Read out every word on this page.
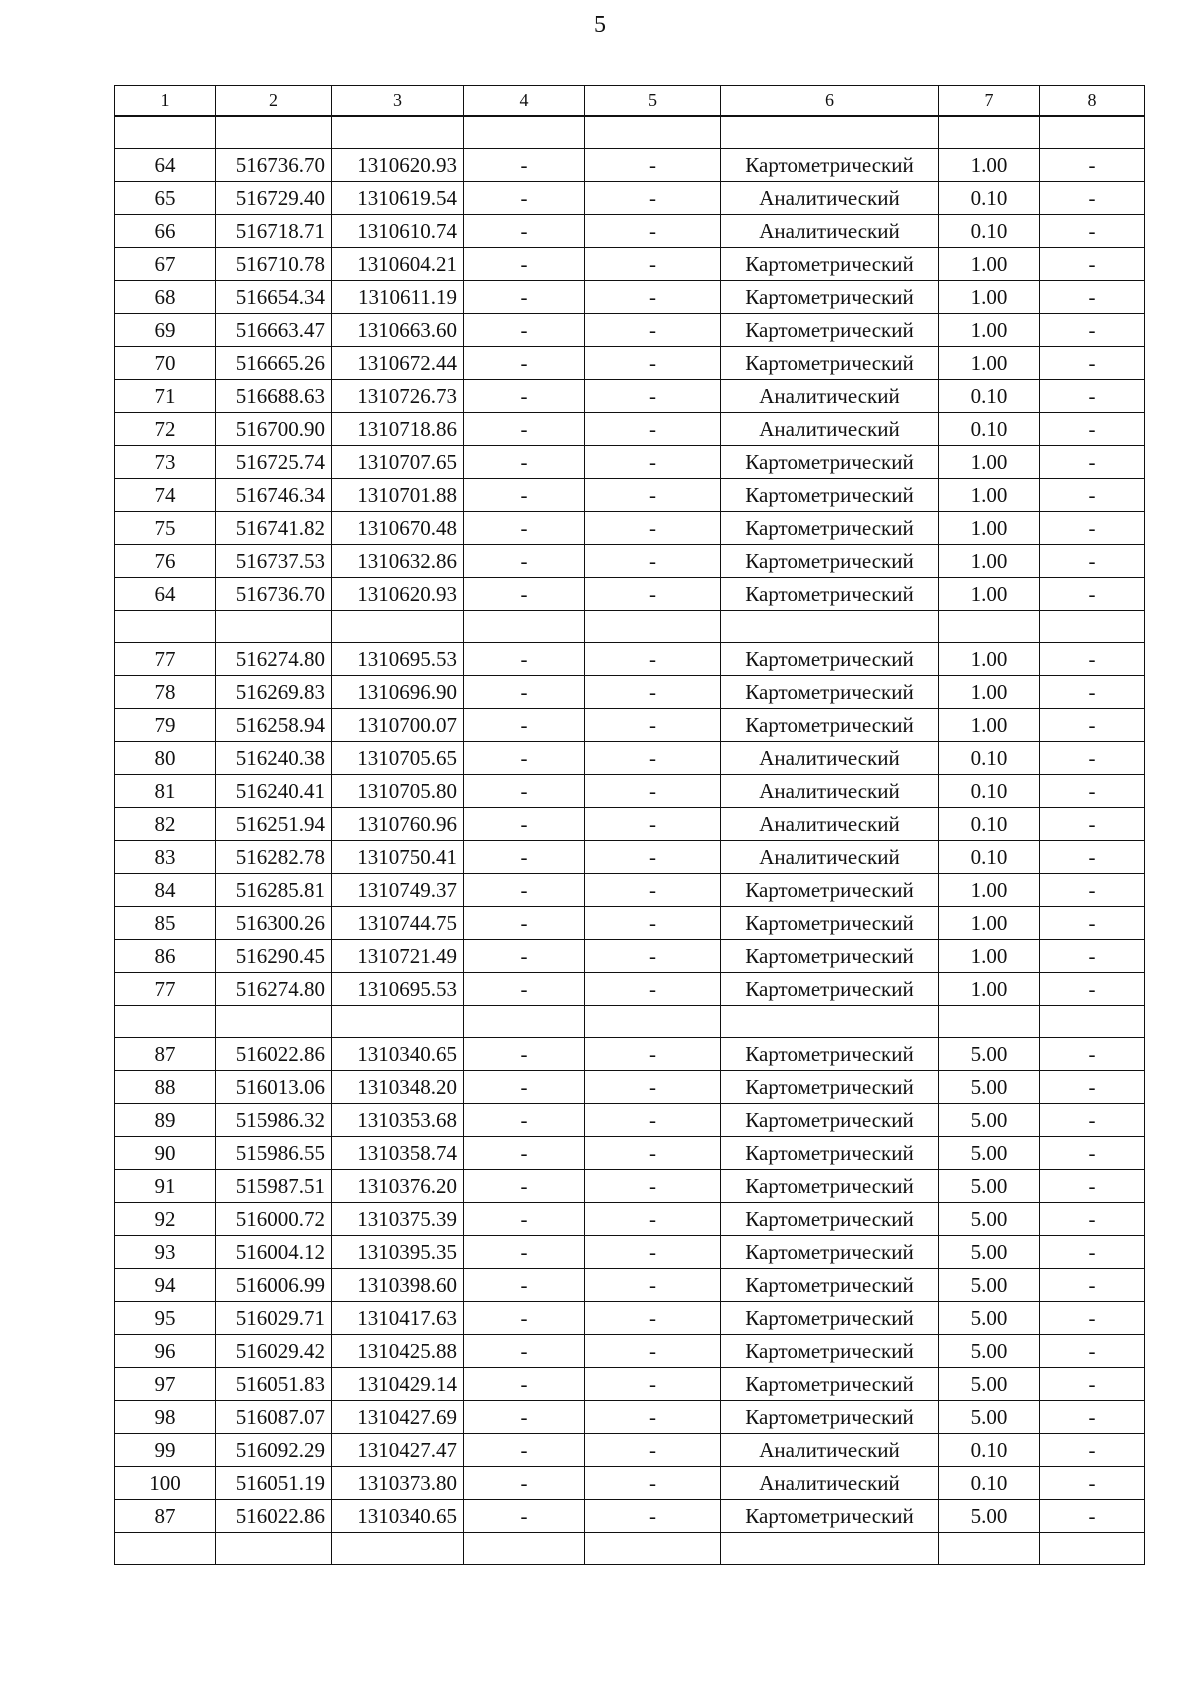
5
1	2	3	4	5	6	7	8

64	516736.70	1310620.93	-	-	Картометрический	1.00	-
65	516729.40	1310619.54	-	-	Аналитический	0.10	-
66	516718.71	1310610.74	-	-	Аналитический	0.10	-
67	516710.78	1310604.21	-	-	Картометрический	1.00	-
68	516654.34	1310611.19	-	-	Картометрический	1.00	-
69	516663.47	1310663.60	-	-	Картометрический	1.00	-
70	516665.26	1310672.44	-	-	Картометрический	1.00	-
71	516688.63	1310726.73	-	-	Аналитический	0.10	-
72	516700.90	1310718.86	-	-	Аналитический	0.10	-
73	516725.74	1310707.65	-	-	Картометрический	1.00	-
74	516746.34	1310701.88	-	-	Картометрический	1.00	-
75	516741.82	1310670.48	-	-	Картометрический	1.00	-
76	516737.53	1310632.86	-	-	Картометрический	1.00	-
64	516736.70	1310620.93	-	-	Картометрический	1.00	-

77	516274.80	1310695.53	-	-	Картометрический	1.00	-
78	516269.83	1310696.90	-	-	Картометрический	1.00	-
79	516258.94	1310700.07	-	-	Картометрический	1.00	-
80	516240.38	1310705.65	-	-	Аналитический	0.10	-
81	516240.41	1310705.80	-	-	Аналитический	0.10	-
82	516251.94	1310760.96	-	-	Аналитический	0.10	-
83	516282.78	1310750.41	-	-	Аналитический	0.10	-
84	516285.81	1310749.37	-	-	Картометрический	1.00	-
85	516300.26	1310744.75	-	-	Картометрический	1.00	-
86	516290.45	1310721.49	-	-	Картометрический	1.00	-
77	516274.80	1310695.53	-	-	Картометрический	1.00	-

87	516022.86	1310340.65	-	-	Картометрический	5.00	-
88	516013.06	1310348.20	-	-	Картометрический	5.00	-
89	515986.32	1310353.68	-	-	Картометрический	5.00	-
90	515986.55	1310358.74	-	-	Картометрический	5.00	-
91	515987.51	1310376.20	-	-	Картометрический	5.00	-
92	516000.72	1310375.39	-	-	Картометрический	5.00	-
93	516004.12	1310395.35	-	-	Картометрический	5.00	-
94	516006.99	1310398.60	-	-	Картометрический	5.00	-
95	516029.71	1310417.63	-	-	Картометрический	5.00	-
96	516029.42	1310425.88	-	-	Картометрический	5.00	-
97	516051.83	1310429.14	-	-	Картометрический	5.00	-
98	516087.07	1310427.69	-	-	Картометрический	5.00	-
99	516092.29	1310427.47	-	-	Аналитический	0.10	-
100	516051.19	1310373.80	-	-	Аналитический	0.10	-
87	516022.86	1310340.65	-	-	Картометрический	5.00	-
